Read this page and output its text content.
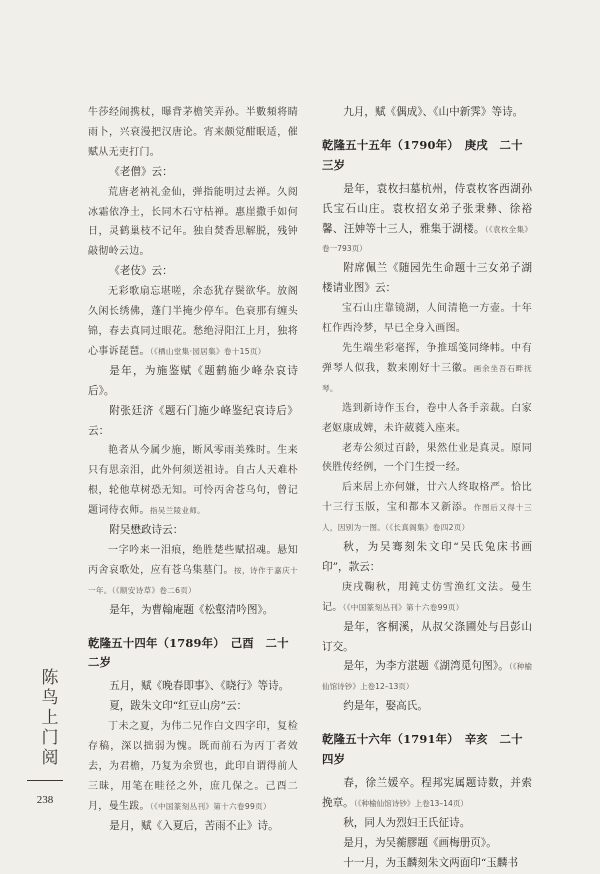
牛莎经闹携杖，曝背茅檐笑弄孙。半數頻将睛雨卜，兴衰漫把汉唐论。宵来颇觉酣眠适，催赋从无吏打门。

《老僧》云：

荒唐老衲礼金仙，弹指能明过去禅。久阅冰霜依净土，长同木石守枯禅。惠崖撒手如何日，灵鹤巢枝不记年。独自焚香思解脱，残钟敲彻岭云边。

《老伎》云：

无彩歌扇忘堪嗟，余态犹存鬓欲华。放阁久闲长绣佛，蓬门半掩少停车。色衰那有缠头锦，春去真同过眼花。愁绝浔阳江上月，独将心事诉琵琶。（《栖山堂集·园居集》卷十15页）

是年，为施鉴赋《题鹤施少峰杂哀诗后》。

附张廷济《题石门施少峰鉴纪哀诗后》云：

艳者从今属少施，断风零雨美殊时。生来只有思亲泪，此外何须送祖诗。自古人天难朴根，轮他草树恐无知。可怜丙舍苍乌句，曾记题词待衣师。指吴兰陵业师。

附吴懋政诗云：

一字吟来一泪痕，绝胜楚些赋招魂。悬知丙舍哀歌处，应有苍乌集墓门。按，诗作于嘉庆十一年。（《顺安诗草》卷二6页）

是年，为曹翰庵题《松壑清吟图》。

乾隆五十四年（1789年）　己酉　二十二岁

五月，赋《晚春即事》、《晓行》等诗。

夏，跋朱文印“红豆山房”云：

丁未之夏，为伟二兄作白文四字印，复检存稿，深以拙弱为愧。既而前石为丙丁者效去，为君檐，乃复为余贸也，此印自谓得前人三昧，用笔在畦径之外，庶几保之。己酉二月，曼生跋。（《中国篆刻丛刊》第十六卷99页）

是月，赋《入夏后，苦雨不止》诗。

九月，赋《偶成》、《山中新霁》等诗。

乾隆五十五年（1790年）　庚戌　二十三岁

是年，袁枚扫墓杭州，侍袁枚客西湖孙氏宝石山庄。袁枚招女弟子张秉彝、徐裕馨、汪妽等十三人，雅集于湖楼。（《袁枚全集》卷一793页）

附席佩兰《随园先生命题十三女弟子湖楼请业图》云：

宝石山庄靠镜湖，人间清艳一方壶。十年杠作西泠梦，早已全身入画图。

先生端坐彩毫挥，争推瑶笺同绛帏。中有弹琴人似我，数来刚好十三徽。画余坐吾石畔抚琴。

选到新诗作玉台，卷中人各手亲裁。白家老妪康成婢，未许葳蕤入座来。

老寿公须过百龄，果然仕业是真灵。原同侠胜传经例，一个门生授一经。

后来居上亦何嫌，廿六人终取格严。恰比十三行玉版，宝和都本又新添。作图后又得十三人，因别为一图。（《长真阁集》卷四2页）

秋，为吴骞刻朱文印“吴氏兔床书画印”，款云：

庚戌鞠秋，用鈍丈仿雪渔红文法。曼生记。（《中国篆刻丛刊》第十六卷99页）

是年，客桐溪，从叔父涤圃处与吕彭山订交。

是年，为李方湛题《湖湾觅句图》。（《种榆仙馆诗钞》上卷12–13页）

约是年，娶高氏。

乾隆五十六年（1791年）　辛亥　二十四岁

春，徐兰媛卒。程邦宪属题诗数，并索挽章。（《种榆仙馆诗钞》上卷13–14页）

秋，同人为烈妇王氏征诗。

是月，为吴蘅膠题《画梅册页》。

十一月，为玉麟刻朱文两面印“玉麟书

陈
鸟
上
门
阅
238
